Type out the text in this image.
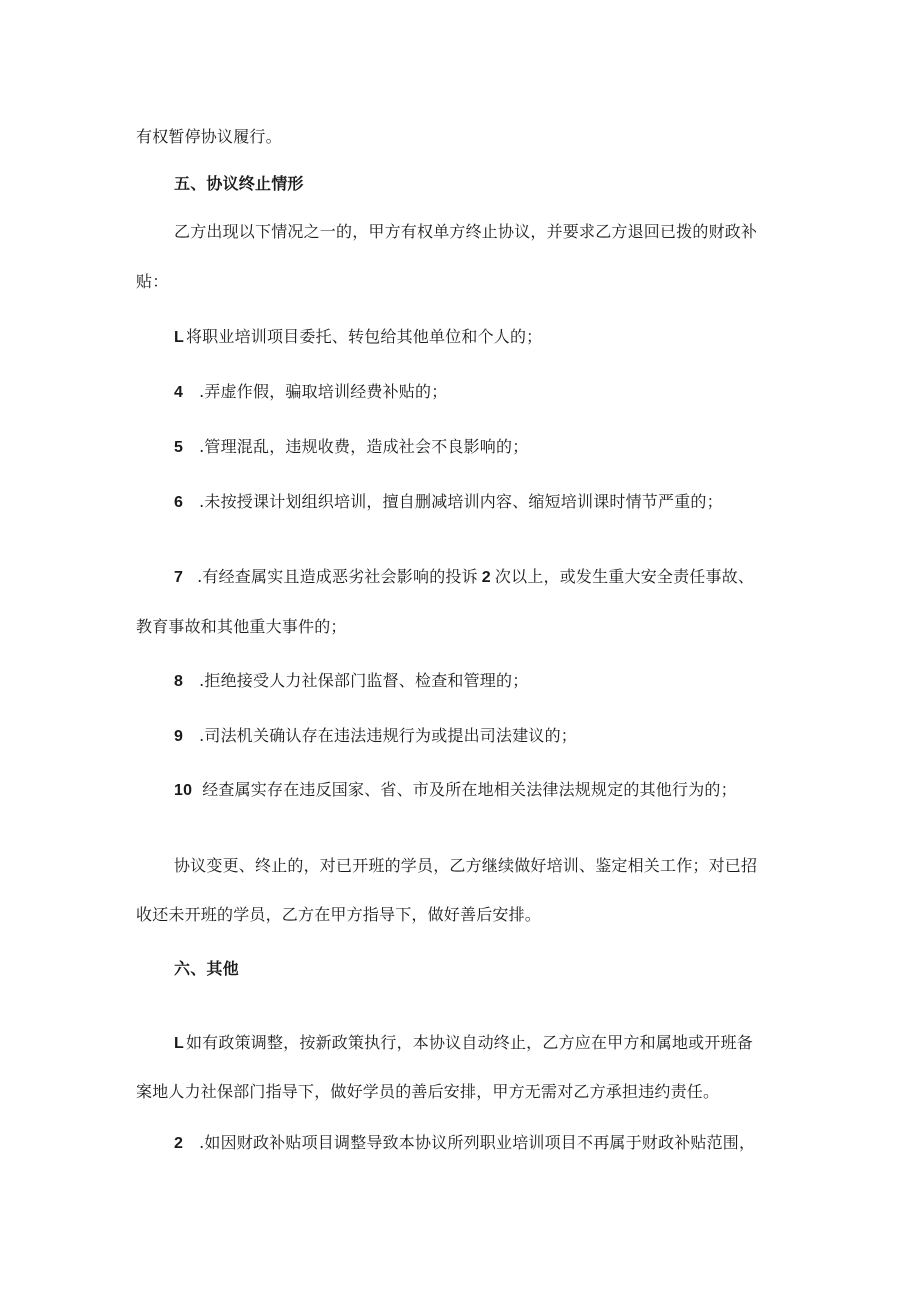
有权暂停协议履行。
五、协议终止情形
乙方出现以下情况之一的，甲方有权单方终止协议，并要求乙方退回已拨的财政补
贴：
L 将职业培训项目委托、转包给其他单位和个人的；
4 .弄虚作假，骗取培训经费补贴的；
5 .管理混乱，违规收费，造成社会不良影响的；
6 .未按授课计划组织培训，擅自删减培训内容、缩短培训课时情节严重的；
7 .有经查属实且造成恶劣社会影响的投诉 2 次以上，或发生重大安全责任事故、
教育事故和其他重大事件的；
8 .拒绝接受人力社保部门监督、检查和管理的；
9 .司法机关确认存在违法违规行为或提出司法建议的；
10 经查属实存在违反国家、省、市及所在地相关法律法规规定的其他行为的；
协议变更、终止的，对已开班的学员，乙方继续做好培训、鉴定相关工作；对已招
收还未开班的学员，乙方在甲方指导下，做好善后安排。
六、其他
L 如有政策调整，按新政策执行，本协议自动终止，乙方应在甲方和属地或开班备
案地人力社保部门指导下，做好学员的善后安排，甲方无需对乙方承担违约责任。
2 .如因财政补贴项目调整导致本协议所列职业培训项目不再属于财政补贴范围，
